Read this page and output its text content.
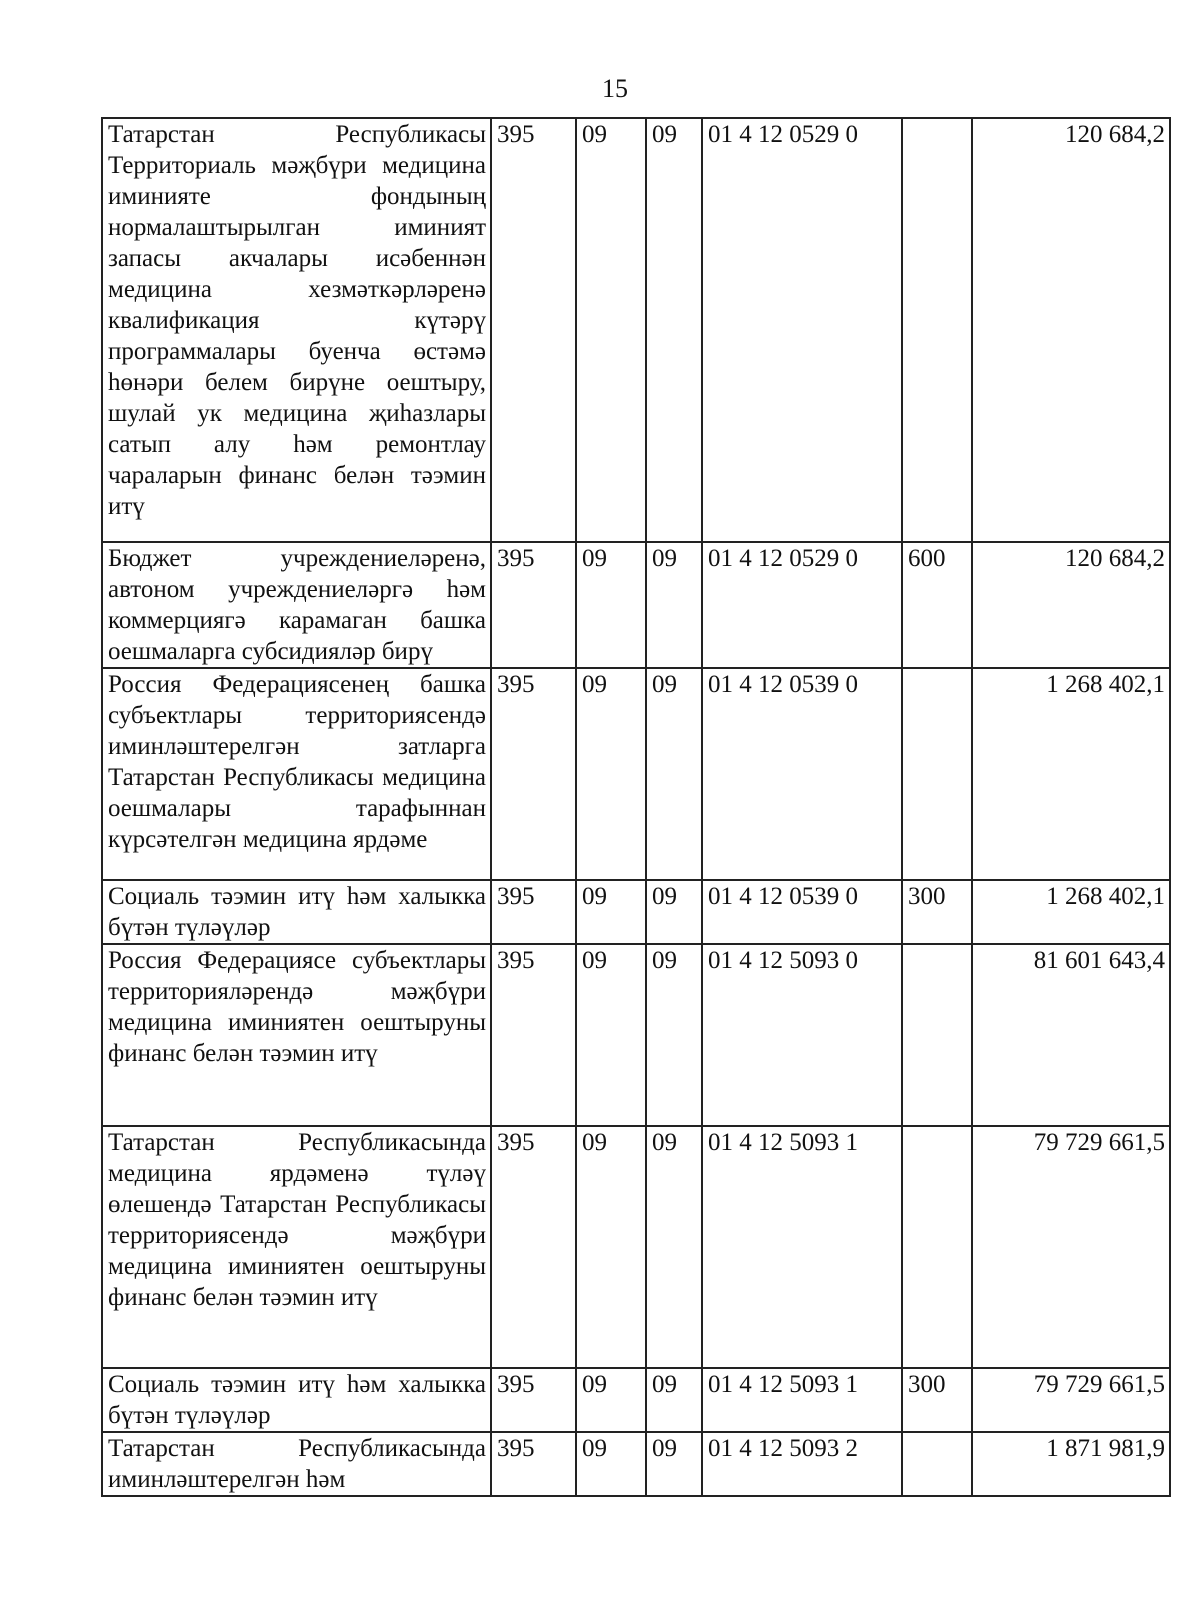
15
Татарстан Республикасы Территориаль мәҗбүри медицина иминияте фондының нормалаштырылган иминият запасы акчалары исәбеннән медицина хезмәткәрләренә квалификация күтәрү программалары буенча өстәмә һөнәри белем бирүне оештыру, шулай ук медицина җиһазлары сатып алу һәм ремонтлау чараларын финанс белән тәэмин итү	395	09	09	01 4 12 0529 0		120 684,2

Бюджет учреждениеләренә, автоном учреждениеләргә һәм коммерциягә карамаган башка оешмаларга субсидияләр бирү	395	09	09	01 4 12 0529 0	600	120 684,2

Россия Федерациясенең башка субъектлары территориясендә иминләштерелгән затларга Татарстан Республикасы медицина оешмалары тарафыннан күрсәтелгән медицина ярдәме	395	09	09	01 4 12 0539 0		1 268 402,1

Социаль тәэмин итү һәм халыкка бүтән түләүләр	395	09	09	01 4 12 0539 0	300	1 268 402,1

Россия Федерациясе субъектлары территорияләрендә мәҗбүри медицина иминиятен оештыруны финанс белән тәэмин итү	395	09	09	01 4 12 5093 0		81 601 643,4

Татарстан Республикасында медицина ярдәменә түләү өлешендә Татарстан Республикасы территориясендә мәҗбүри медицина иминиятен оештыруны финанс белән тәэмин итү	395	09	09	01 4 12 5093 1		79 729 661,5

Социаль тәэмин итү һәм халыкка бүтән түләүләр	395	09	09	01 4 12 5093 1	300	79 729 661,5

Татарстан Республикасында иминләштерелгән һәм	395	09	09	01 4 12 5093 2		1 871 981,9
